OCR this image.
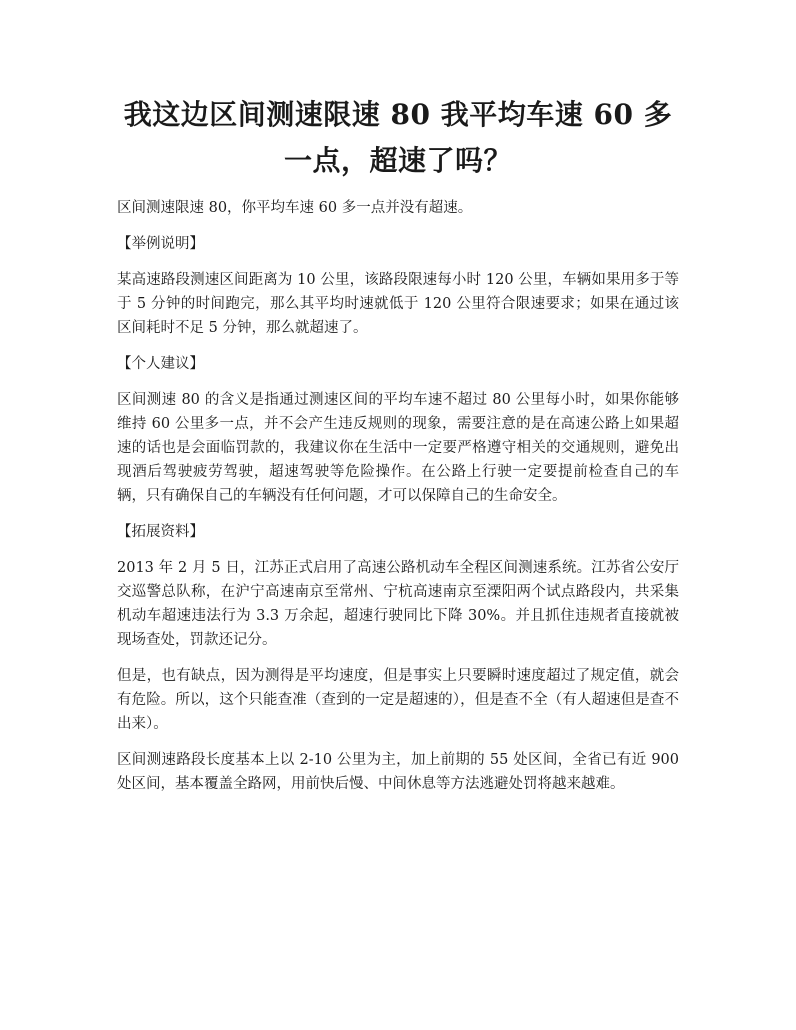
我这边区间测速限速 80 我平均车速 60 多一点，超速了吗？

区间测速限速 80，你平均车速 60 多一点并没有超速。

【举例说明】

某高速路段测速区间距离为 10 公里，该路段限速每小时 120 公里，车辆如果用多于等于 5 分钟的时间跑完，那么其平均时速就低于 120 公里符合限速要求；如果在通过该区间耗时不足 5 分钟，那么就超速了。

【个人建议】

区间测速 80 的含义是指通过测速区间的平均车速不超过 80 公里每小时，如果你能够维持 60 公里多一点，并不会产生违反规则的现象，需要注意的是在高速公路上如果超速的话也是会面临罚款的，我建议你在生活中一定要严格遵守相关的交通规则，避免出现酒后驾驶疲劳驾驶，超速驾驶等危险操作。在公路上行驶一定要提前检查自己的车辆，只有确保自己的车辆没有任何问题，才可以保障自己的生命安全。

【拓展资料】

2013 年 2 月 5 日，江苏正式启用了高速公路机动车全程区间测速系统。江苏省公安厅交巡警总队称，在沪宁高速南京至常州、宁杭高速南京至溧阳两个试点路段内，共采集机动车超速违法行为 3.3 万余起，超速行驶同比下降 30%。并且抓住违规者直接就被现场查处，罚款还记分。

但是，也有缺点，因为测得是平均速度，但是事实上只要瞬时速度超过了规定值，就会有危险。所以，这个只能查准（查到的一定是超速的），但是查不全（有人超速但是查不出来）。

区间测速路段长度基本上以 2-10 公里为主，加上前期的 55 处区间，全省已有近 900 处区间，基本覆盖全路网，用前快后慢、中间休息等方法逃避处罚将越来越难。
